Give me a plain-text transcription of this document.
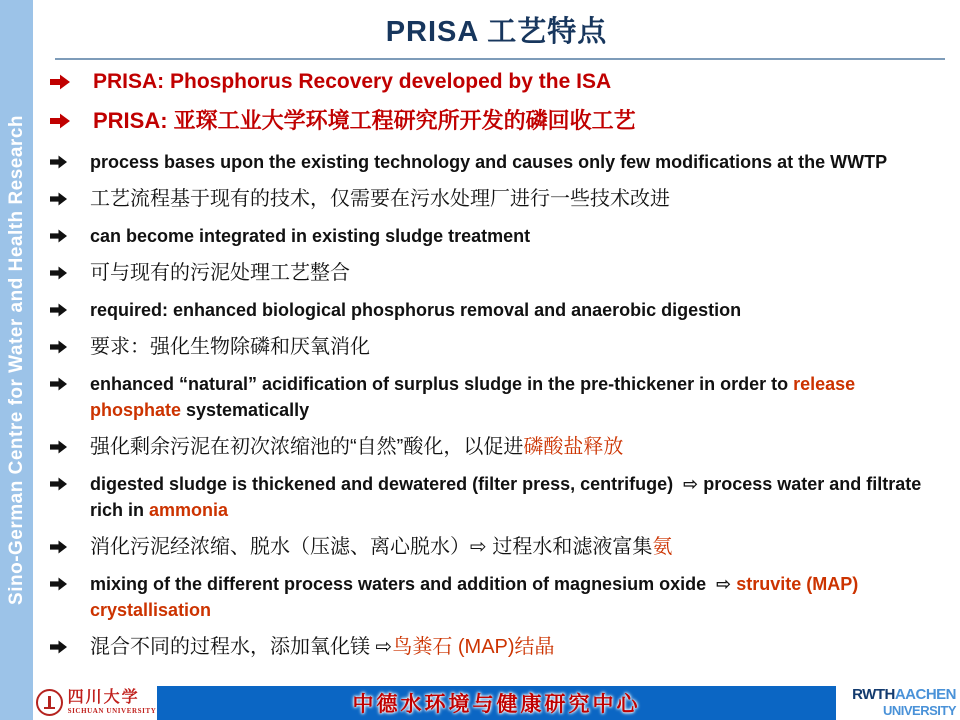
Sino-German Centre for Water and Health Research
PRISA 工艺特点
PRISA: Phosphorus Recovery developed by the ISA
PRISA: 亚琛工业大学环境工程研究所开发的磷回收工艺
process bases upon the existing technology and causes only few modifications at the WWTP
工艺流程基于现有的技术，仅需要在污水处理厂进行一些技术改进
can become integrated in existing sludge treatment
可与现有的污泥处理工艺整合
required: enhanced biological phosphorus removal and anaerobic digestion
要求：强化生物除磷和厌氧消化
enhanced “natural” acidification of surplus sludge in the pre-thickener in order to release phosphate systematically
强化剩余污泥在初次浓缩池的“自然”酸化，以促进磷酸盐释放
digested sludge is thickened and dewatered (filter press, centrifuge)  ⇨ process water and filtrate rich in ammonia
消化污泥经浓缩、脱水（压滤、离心脱水）⇨ 过程水和滤液富集氨
mixing of the different process waters and addition of magnesium oxide  ⇨ struvite (MAP) crystallisation
混合不同的过程水，添加氧化镁 ⇨鸟粪石 (MAP)结晶
四川大学
SICHUAN UNIVERSITY	中德水环境与健康研究中心	RWTHAACHEN
UNIVERSITY
